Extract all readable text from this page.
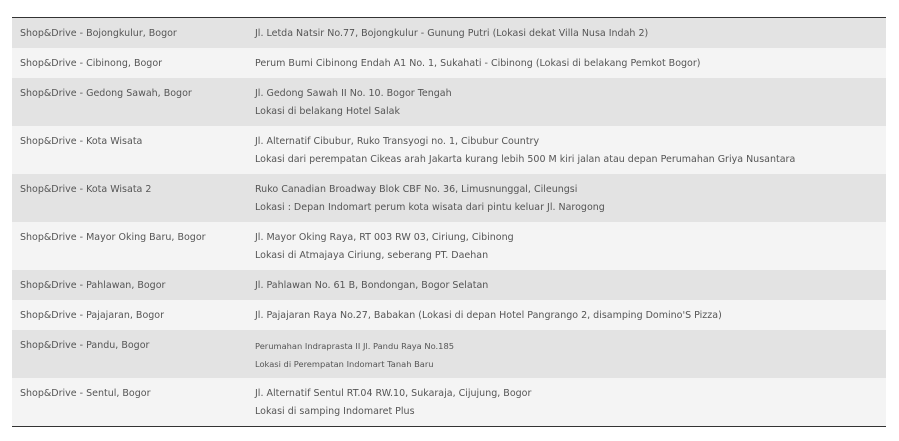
Shop&Drive - Bojongkulur, Bogor	Jl. Letda Natsir No.77, Bojongkulur - Gunung Putri (Lokasi dekat Villa Nusa Indah 2)

Shop&Drive - Cibinong, Bogor	Perum Bumi Cibinong Endah A1 No. 1, Sukahati - Cibinong (Lokasi di belakang Pemkot Bogor)

Shop&Drive - Gedong Sawah, Bogor	Jl. Gedong Sawah II No. 10. Bogor Tengah
Lokasi di belakang Hotel Salak

Shop&Drive - Kota Wisata	Jl. Alternatif Cibubur, Ruko Transyogi no. 1, Cibubur Country
Lokasi dari perempatan Cikeas arah Jakarta kurang lebih 500 M kiri jalan atau depan Perumahan Griya Nusantara

Shop&Drive - Kota Wisata 2	Ruko Canadian Broadway Blok CBF No. 36, Limusnunggal, Cileungsi
Lokasi : Depan Indomart perum kota wisata dari pintu keluar Jl. Narogong

Shop&Drive - Mayor Oking Baru, Bogor	Jl. Mayor Oking Raya, RT 003 RW 03, Ciriung, Cibinong
Lokasi di Atmajaya Ciriung, seberang PT. Daehan

Shop&Drive - Pahlawan, Bogor	Jl. Pahlawan No. 61 B, Bondongan, Bogor Selatan

Shop&Drive - Pajajaran, Bogor	Jl. Pajajaran Raya No.27, Babakan (Lokasi di depan Hotel Pangrango 2, disamping Domino'S Pizza)

Shop&Drive - Pandu, Bogor	Perumahan Indraprasta II Jl. Pandu Raya No.185
Lokasi di Perempatan Indomart Tanah Baru

Shop&Drive - Sentul, Bogor	Jl. Alternatif Sentul RT.04 RW.10, Sukaraja, Cijujung, Bogor
Lokasi di samping Indomaret Plus
